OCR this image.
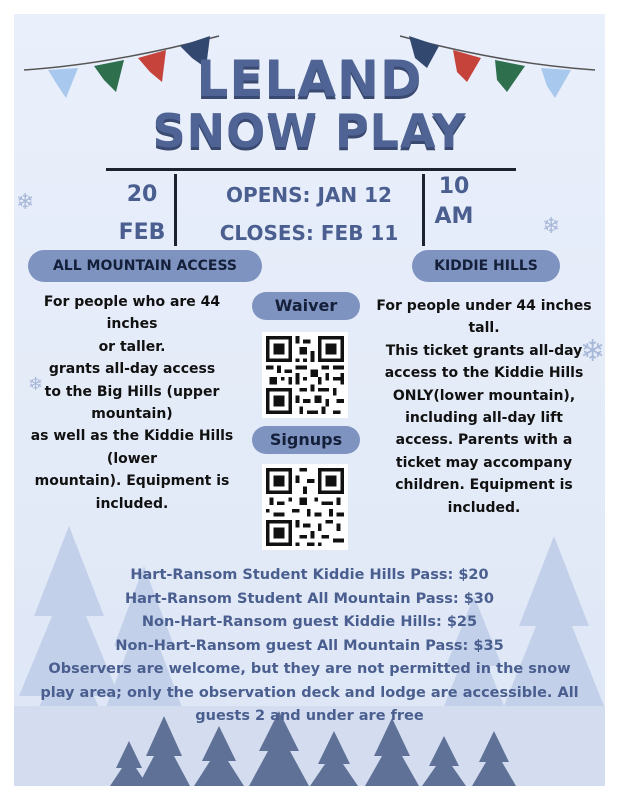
LELAND
SNOW PLAY
20
FEB
OPENS: JAN 12
CLOSES: FEB 11
10
AM
ALL MOUNTAIN ACCESS	KIDDIE HILLS
For people who are 44
inches
or taller.
grants all-day access
to the Big Hills (upper
mountain)
as well as the Kiddie Hills
(lower
mountain). Equipment is
included.
For people under 44 inches
tall.
This ticket grants all-day
access to the Kiddie Hills
ONLY(lower mountain),
including all-day lift
access. Parents with a
ticket may accompany
children. Equipment is
included.
Waiver
Signups
❄
❄
❄
❄
Hart-Ransom Student Kiddie Hills Pass: $20
Hart-Ransom Student All Mountain Pass: $30
Non-Hart-Ransom guest Kiddie Hills: $25
Non-Hart-Ransom guest All Mountain Pass: $35
Observers are welcome, but they are not permitted in the snow
play area; only the observation deck and lodge are accessible. All
guests 2 and under are free
